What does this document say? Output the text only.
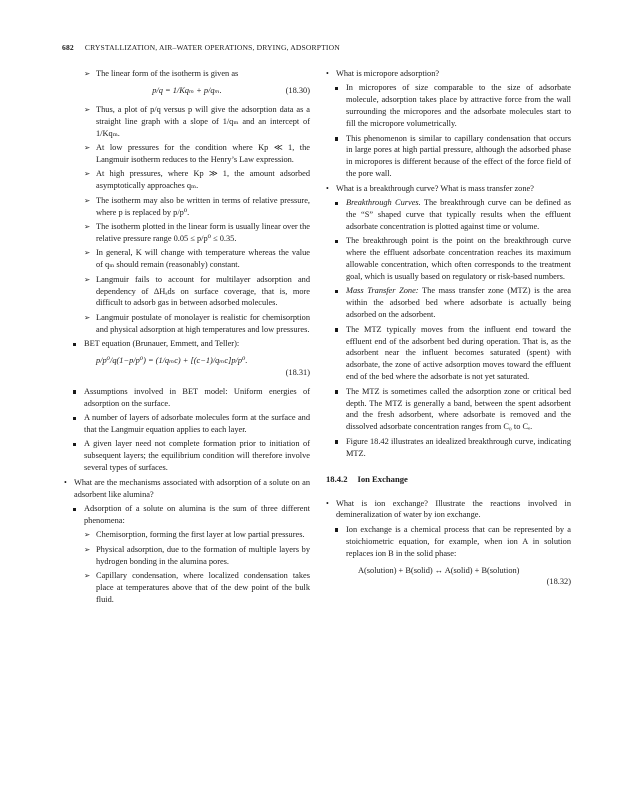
682 CRYSTALLIZATION, AIR–WATER OPERATIONS, DRYING, ADSORPTION

➢ The linear form of the isotherm is given as

p/q = 1/Kqₘ + p/qₘ.	(18.30)

➢ Thus, a plot of p/q versus p will give the adsorption data as a straight line graph with a slope of 1/qₘ and an intercept of 1/Kqₘ.

➢ At low pressures for the condition where Kp ≪ 1, the Langmuir isotherm reduces to the Henry’s Law expression.

➢ At high pressures, where Kp ≫ 1, the amount adsorbed asymptotically approaches qₘ.

➢ The isotherm may also be written in terms of relative pressure, where p is replaced by p/p⁰.

➢ The isotherm plotted in the linear form is usually linear over the relative pressure range 0.05 ≤ p/p⁰ ≤ 0.35.

➢ In general, K will change with temperature whereas the value of qₘ should remain (reasonably) constant.

➢ Langmuir fails to account for multilayer adsorption and dependency of ΔHₐds on surface coverage, that is, more difficult to adsorb gas in between adsorbed molecules.

➢ Langmuir postulate of monolayer is realistic for chemisorption and physical adsorption at high temperatures and low pressures.

BET equation (Brunauer, Emmett, and Teller):

p/p⁰/q(1−p/p⁰) = (1/qₘc) + [(c−1)/qₘc]p/p⁰.
(18.31)

Assumptions involved in BET model: Uniform energies of adsorption on the surface.

A number of layers of adsorbate molecules form at the surface and that the Langmuir equation applies to each layer.

A given layer need not complete formation prior to initiation of subsequent layers; the equilibrium condition will therefore involve several types of surfaces.

• What are the mechanisms associated with adsorption of a solute on an adsorbent like alumina?

Adsorption of a solute on alumina is the sum of three different phenomena:

➢ Chemisorption, forming the first layer at low partial pressures.

➢ Physical adsorption, due to the formation of multiple layers by hydrogen bonding in the alumina pores.

➢ Capillary condensation, where localized condensation takes place at temperatures above that of the dew point of the bulk fluid.

• What is micropore adsorption?

In micropores of size comparable to the size of adsorbate molecule, adsorption takes place by attractive force from the wall surrounding the micropores and the adsorbate molecules start to fill the micropore volumetrically.

This phenomenon is similar to capillary condensation that occurs in large pores at high partial pressure, although the adsorbed phase in micropores is different because of the effect of the force field of the pore wall.

• What is a breakthrough curve? What is mass transfer zone?

Breakthrough Curves. The breakthrough curve can be defined as the “S” shaped curve that typically results when the effluent adsorbate concentration is plotted against time or volume.

The breakthrough point is the point on the breakthrough curve where the effluent adsorbate concentration reaches its maximum allowable concentration, which often corresponds to the treatment goal, which is usually based on regulatory or risk-based numbers.

Mass Transfer Zone: The mass transfer zone (MTZ) is the area within the adsorbed bed where adsorbate is actually being adsorbed on the adsorbent.

The MTZ typically moves from the influent end toward the effluent end of the adsorbent bed during operation. That is, as the adsorbent near the influent becomes saturated (spent) with adsorbate, the zone of active adsorption moves toward the effluent end of the bed where the adsorbate is not yet saturated.

The MTZ is sometimes called the adsorption zone or critical bed depth. The MTZ is generally a band, between the spent adsorbent and the fresh adsorbent, where adsorbate is removed and the dissolved adsorbate concentration ranges from C₀ to Cₑ.

Figure 18.42 illustrates an idealized breakthrough curve, indicating MTZ.

18.4.2 Ion Exchange

• What is ion exchange? Illustrate the reactions involved in demineralization of water by ion exchange.

Ion exchange is a chemical process that can be represented by a stoichiometric equation, for example, when ion A in solution replaces ion B in the solid phase:

A(solution) + B(solid) ↔ A(solid) + B(solution)
(18.32)
